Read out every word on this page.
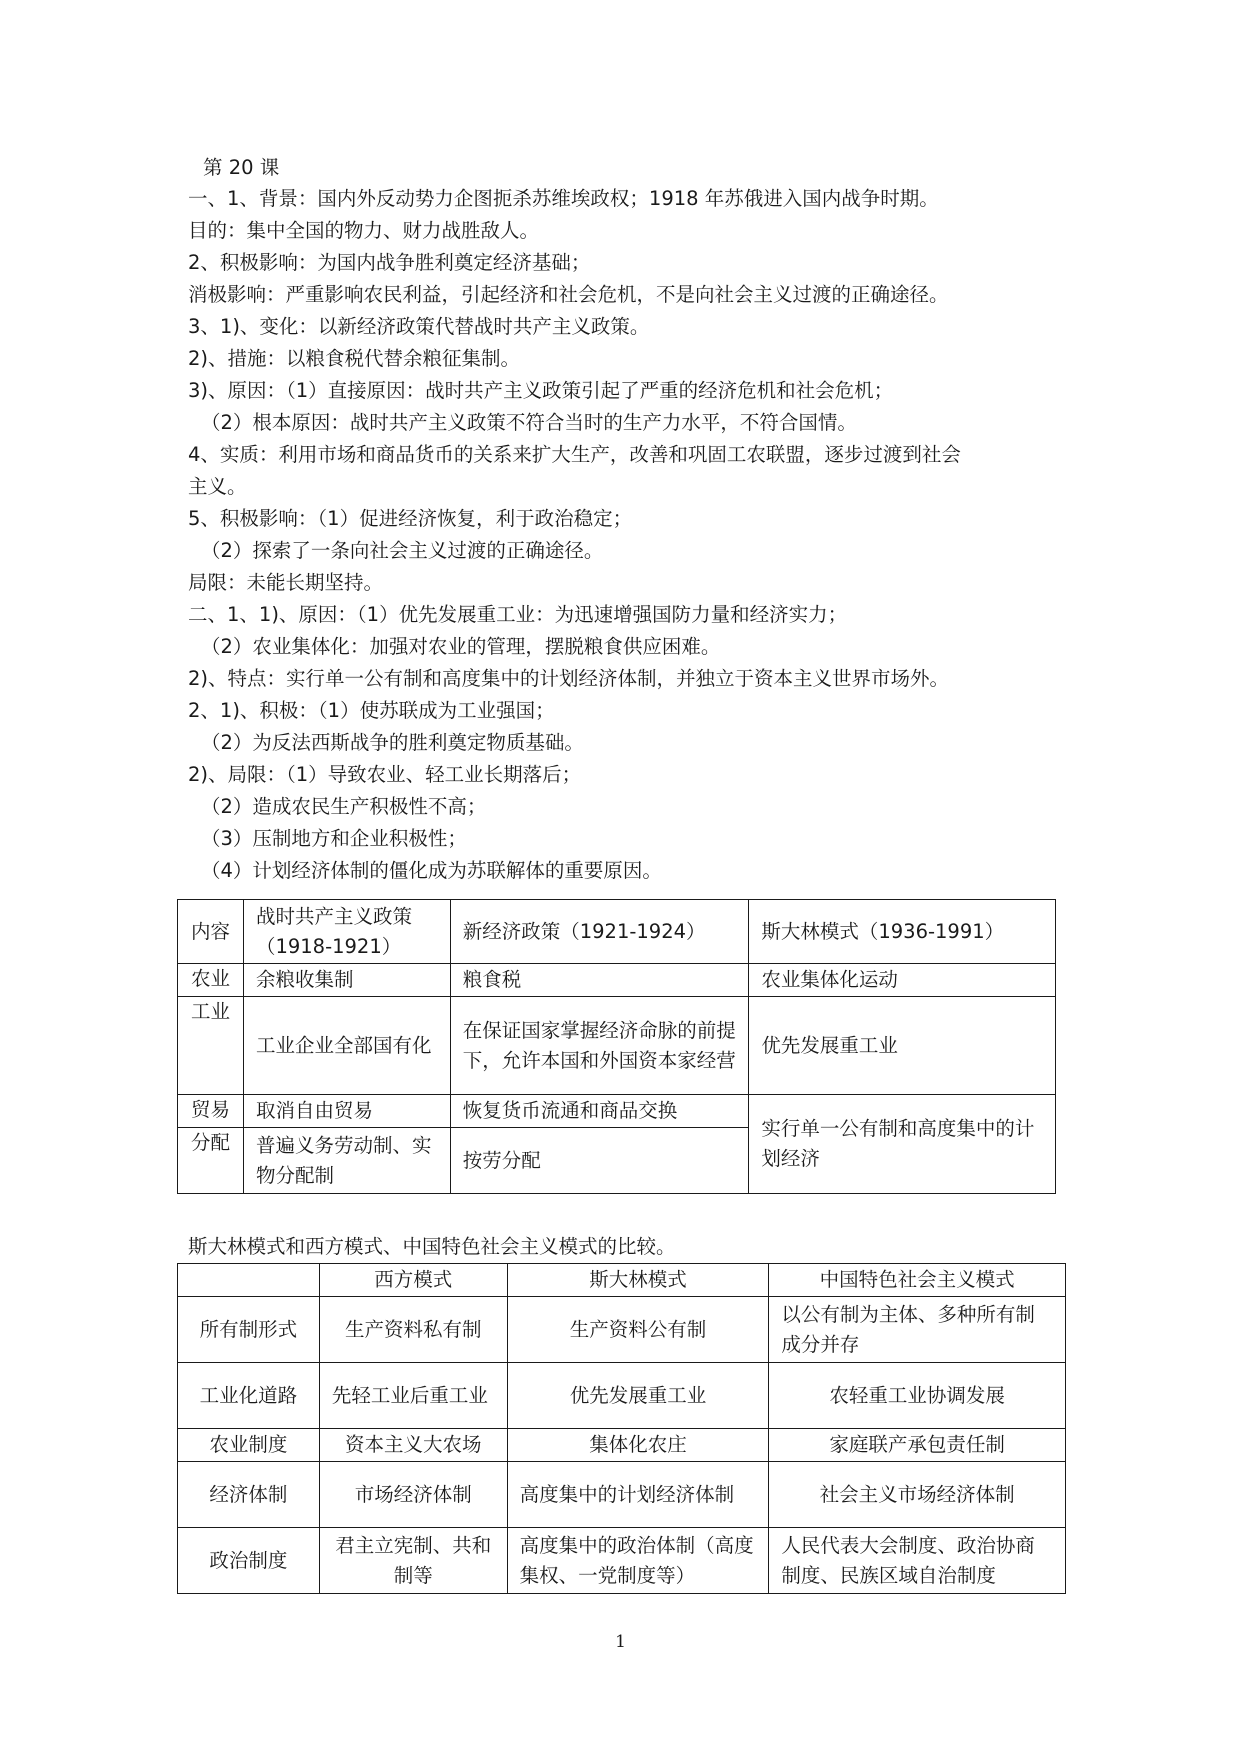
第 20 课
一、1、背景：国内外反动势力企图扼杀苏维埃政权；1918 年苏俄进入国内战争时期。
目的：集中全国的物力、财力战胜敌人。
2、积极影响：为国内战争胜利奠定经济基础；
消极影响：严重影响农民利益，引起经济和社会危机，不是向社会主义过渡的正确途径。
3、1)、变化：以新经济政策代替战时共产主义政策。
2)、措施：以粮食税代替余粮征集制。
3)、原因：（1）直接原因：战时共产主义政策引起了严重的经济危机和社会危机；
（2）根本原因：战时共产主义政策不符合当时的生产力水平，不符合国情。
4、实质：利用市场和商品货币的关系来扩大生产，改善和巩固工农联盟，逐步过渡到社会
主义。
5、积极影响：（1）促进经济恢复，利于政治稳定；
（2）探索了一条向社会主义过渡的正确途径。
局限：未能长期坚持。
二、1、1)、原因：（1）优先发展重工业：为迅速增强国防力量和经济实力；
（2）农业集体化：加强对农业的管理，摆脱粮食供应困难。
2)、特点：实行单一公有制和高度集中的计划经济体制，并独立于资本主义世界市场外。
2、1)、积极：（1）使苏联成为工业强国；
（2）为反法西斯战争的胜利奠定物质基础。
2)、局限：（1）导致农业、轻工业长期落后；
（2）造成农民生产积极性不高；
（3）压制地方和企业积极性；
（4）计划经济体制的僵化成为苏联解体的重要原因。
内容	战时共产主义政策（1918-1921）	新经济政策（1921-1924）	斯大林模式（1936-1991）
农业	余粮收集制	粮食税	农业集体化运动
工业	工业企业全部国有化	在保证国家掌握经济命脉的前提下，允许本国和外国资本家经营	优先发展重工业
贸易	取消自由贸易	恢复货币流通和商品交换	实行单一公有制和高度集中的计划经济
分配	普遍义务劳动制、实物分配制	按劳分配	
斯大林模式和西方模式、中国特色社会主义模式的比较。
	西方模式	斯大林模式	中国特色社会主义模式
所有制形式	生产资料私有制	生产资料公有制	以公有制为主体、多种所有制成分并存
工业化道路	先轻工业后重工业	优先发展重工业	农轻重工业协调发展
农业制度	资本主义大农场	集体化农庄	家庭联产承包责任制
经济体制	市场经济体制	高度集中的计划经济体制	社会主义市场经济体制
政治制度	君主立宪制、共和制等	高度集中的政治体制（高度集权、一党制度等）	人民代表大会制度、政治协商制度、民族区域自治制度
1
